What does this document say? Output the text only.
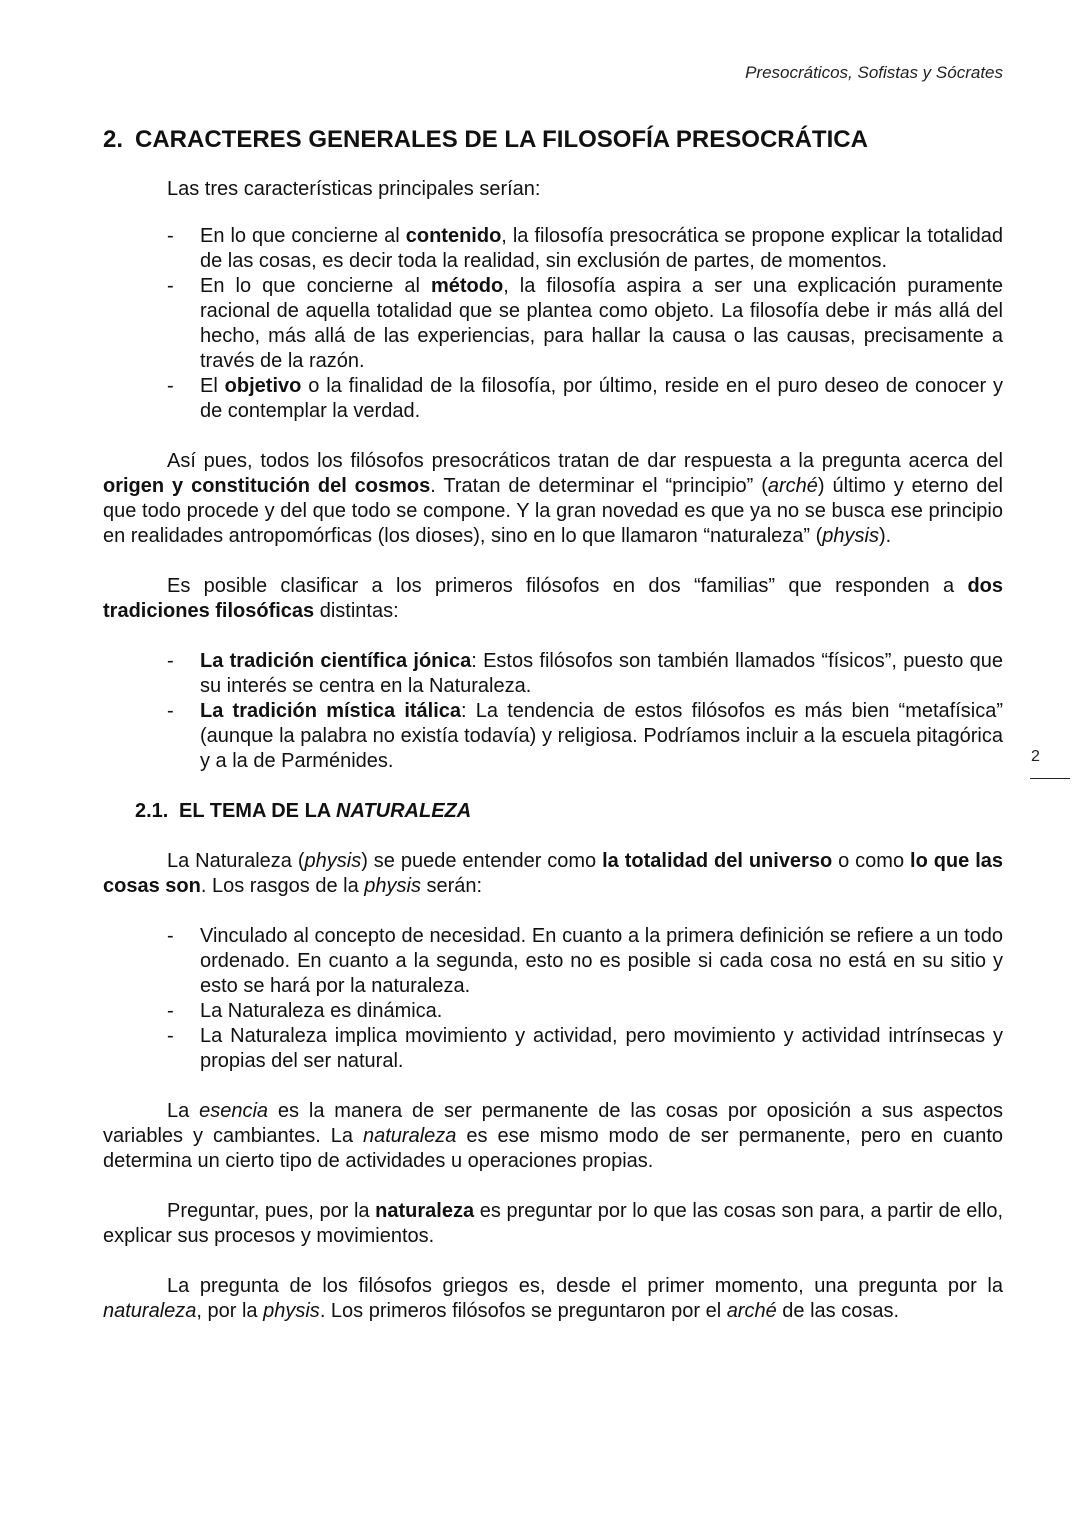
Presocráticos, Sofistas y Sócrates
2
2. CARACTERES GENERALES DE LA FILOSOFÍA PRESOCRÁTICA
Las tres características principales serían:
- En lo que concierne al contenido, la filosofía presocrática se propone explicar la totalidad de las cosas, es decir toda la realidad, sin exclusión de partes, de momentos.
- En lo que concierne al método, la filosofía aspira a ser una explicación puramente racional de aquella totalidad que se plantea como objeto. La filosofía debe ir más allá del hecho, más allá de las experiencias, para hallar la causa o las causas, precisamente a través de la razón.
- El objetivo o la finalidad de la filosofía, por último, reside en el puro deseo de conocer y de contemplar la verdad.

Así pues, todos los filósofos presocráticos tratan de dar respuesta a la pregunta acerca del origen y constitución del cosmos. Tratan de determinar el “principio” (arché) último y eterno del que todo procede y del que todo se compone. Y la gran novedad es que ya no se busca ese principio en realidades antropomórficas (los dioses), sino en lo que llamaron “naturaleza” (physis).

Es posible clasificar a los primeros filósofos en dos “familias” que responden a dos tradiciones filosóficas distintas:

- La tradición científica jónica: Estos filósofos son también llamados “físicos”, puesto que su interés se centra en la Naturaleza.
- La tradición mística itálica: La tendencia de estos filósofos es más bien “metafísica” (aunque la palabra no existía todavía) y religiosa. Podríamos incluir a la escuela pitagórica y a la de Parménides.
2.1. EL TEMA DE LA NATURALEZA

La Naturaleza (physis) se puede entender como la totalidad del universo o como lo que las cosas son. Los rasgos de la physis serán:

- Vinculado al concepto de necesidad. En cuanto a la primera definición se refiere a un todo ordenado. En cuanto a la segunda, esto no es posible si cada cosa no está en su sitio y esto se hará por la naturaleza.
- La Naturaleza es dinámica.
- La Naturaleza implica movimiento y actividad, pero movimiento y actividad intrínsecas y propias del ser natural.

La esencia es la manera de ser permanente de las cosas por oposición a sus aspectos variables y cambiantes. La naturaleza es ese mismo modo de ser permanente, pero en cuanto determina un cierto tipo de actividades u operaciones propias.

Preguntar, pues, por la naturaleza es preguntar por lo que las cosas son para, a partir de ello, explicar sus procesos y movimientos.

La pregunta de los filósofos griegos es, desde el primer momento, una pregunta por la naturaleza, por la physis. Los primeros filósofos se preguntaron por el arché de las cosas.
